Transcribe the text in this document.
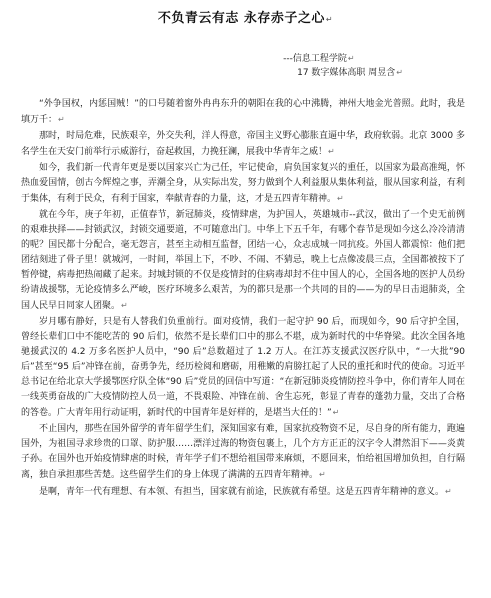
不负青云有志 永存赤子之心↵
---信息工程学院↵
17 数字媒体高职 周昱含↵

“外争国权，内惩国贼！”的口号随着窗外冉冉东升的朝阳在我的心中沸腾，神州大地金光普照。此时，我是填万千：↵

那时，时局危难，民族艰辛，外交失利，洋人得意，帝国主义野心膨胀直逼中华，政府软弱。北京 3000 多名学生在天安门前举行示威游行，奋起救国，力挽狂澜，展我中华青年之威！↵

如今，我们新一代青年更是要以国家兴亡为己任，牢记使命，肩负国家复兴的重任，以国家为最高准绳，怀热血爱国情，创古今辉煌之事，弄潮全身，从实际出发，努力做到个人利益服从集体利益，服从国家利益，有利于集体，有利于民众，有利于国家，奉献青春的力量，这，才是五四青年精神。↵

就在今年，庚子年初，正值春节，新冠肺炎，疫情肆虐，为护国人，英雄城市--武汉，做出了一个史无前例的艰难抉择——封锁武汉，封锁交通要道，不可随意出门。中华上下五千年，有哪个春节是现如今这么冷冷清清的呢？国民都十分配合，毫无怨言，甚至主动相互监督，团结一心，众志成城一同抗疫。外国人都震惊：他们把团结刻进了骨子里！就城河，一时间，举国上下，不吵、不闹、不猜忌，晚上七点像凌晨三点，全国都被按下了暂停键，病毒把热闹藏了起来。封城封锁的不仅是疫情封的住病毒却封不住中国人的心，全国各地的医护人员纷纷请战援鄂，无论疫情多么严峻，医疗环境多么艰苦，为的都只是那一个共同的目的——为的早日击退肺炎，全国人民早日同家人团聚。↵

岁月哪有静好，只是有人替我们负重前行。面对疫情，我们一起守护 90 后，而现如今，90 后守护全国，曾经长辈们口中不能吃苦的 90 后们，依然不是长辈们口中的那么不堪，成为新时代的中华脊梁。此次全国各地驰援武汉的 4.2 万多名医护人员中，“90 后”总数超过了 1.2 万人。在江苏支援武汉医疗队中，“一大批”90 后”甚至“95 后”冲锋在前，奋勇争先，经历检阅和磨砺，用稚嫩的肩膀扛起了人民的重托和时代的使命。习近平总书记在给北京大学援鄂医疗队全体“90 后”党员的回信中写道：“在新冠肺炎疫情防控斗争中，你们青年人同在一线英勇奋战的广大疫情防控人员一道，不畏艰险、冲锋在前、舍生忘死，彰显了青春的蓬勃力量，交出了合格的答卷。广大青年用行动证明，新时代的中国青年是好样的，是堪当大任的！”↵

不止国内，那些在国外留学的青年留学生们，深知国家有难，国家抗疫物资不足，尽自身的所有能力，跑遍国外，为祖国寻求珍贵的口罩、防护服……漂洋过海的物资包裹上，几个方方正正的汉字令人潸然泪下——炎黄子孙。在国外也开始疫情肆虐的时候，青年学子们不想给祖国带来麻烦，不愿回来，怕给祖国增加负担，自行隔离，独自承担那些苦楚。这些留学生们的身上体现了满满的五四青年精神。↵

是啊，青年一代有理想、有本领、有担当，国家就有前途，民族就有希望。这是五四青年精神的意义。↵
